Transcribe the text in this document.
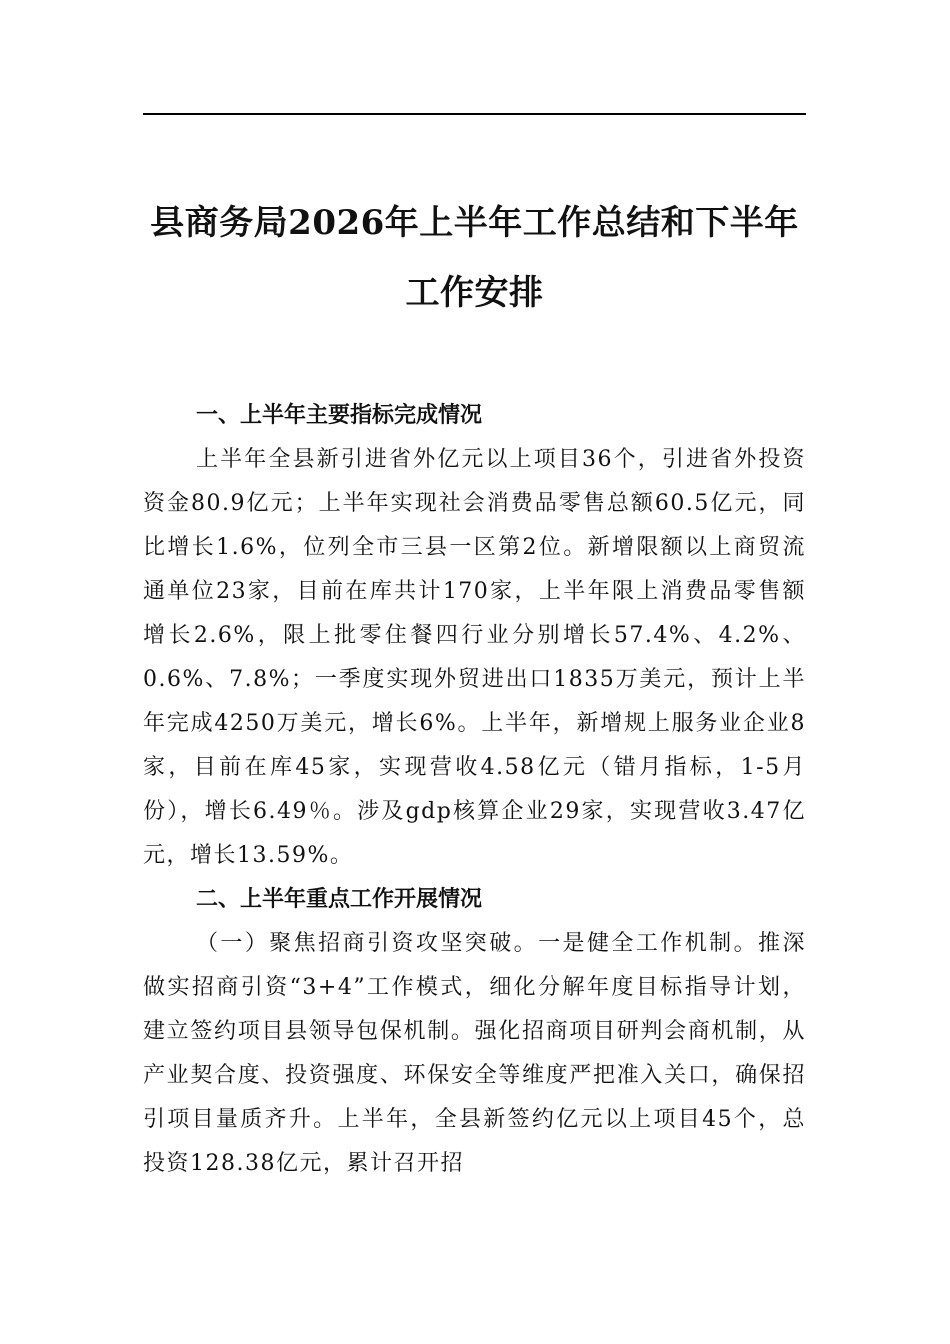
县商务局2026年上半年工作总结和下半年
工作安排

一、上半年主要指标完成情况

上半年全县新引进省外亿元以上项目36个，引进省外投资资金80.9亿元；上半年实现社会消费品零售总额60.5亿元，同比增长1.6%，位列全市三县一区第2位。新增限额以上商贸流通单位23家，目前在库共计170家，上半年限上消费品零售额增长2.6%，限上批零住餐四行业分别增长57.4%、4.2%、0.6%、7.8%；一季度实现外贸进出口1835万美元，预计上半年完成4250万美元，增长6%。上半年，新增规上服务业企业8家，目前在库45家，实现营收4.58亿元（错月指标，1-5月份），增长6.49％。涉及gdp核算企业29家，实现营收3.47亿元，增长13.59%。

二、上半年重点工作开展情况

（一）聚焦招商引资攻坚突破。一是健全工作机制。推深做实招商引资“3+4”工作模式，细化分解年度目标指导计划，建立签约项目县领导包保机制。强化招商项目研判会商机制，从产业契合度、投资强度、环保安全等维度严把准入关口，确保招引项目量质齐升。上半年，全县新签约亿元以上项目45个，总投资128.38亿元，累计召开招
